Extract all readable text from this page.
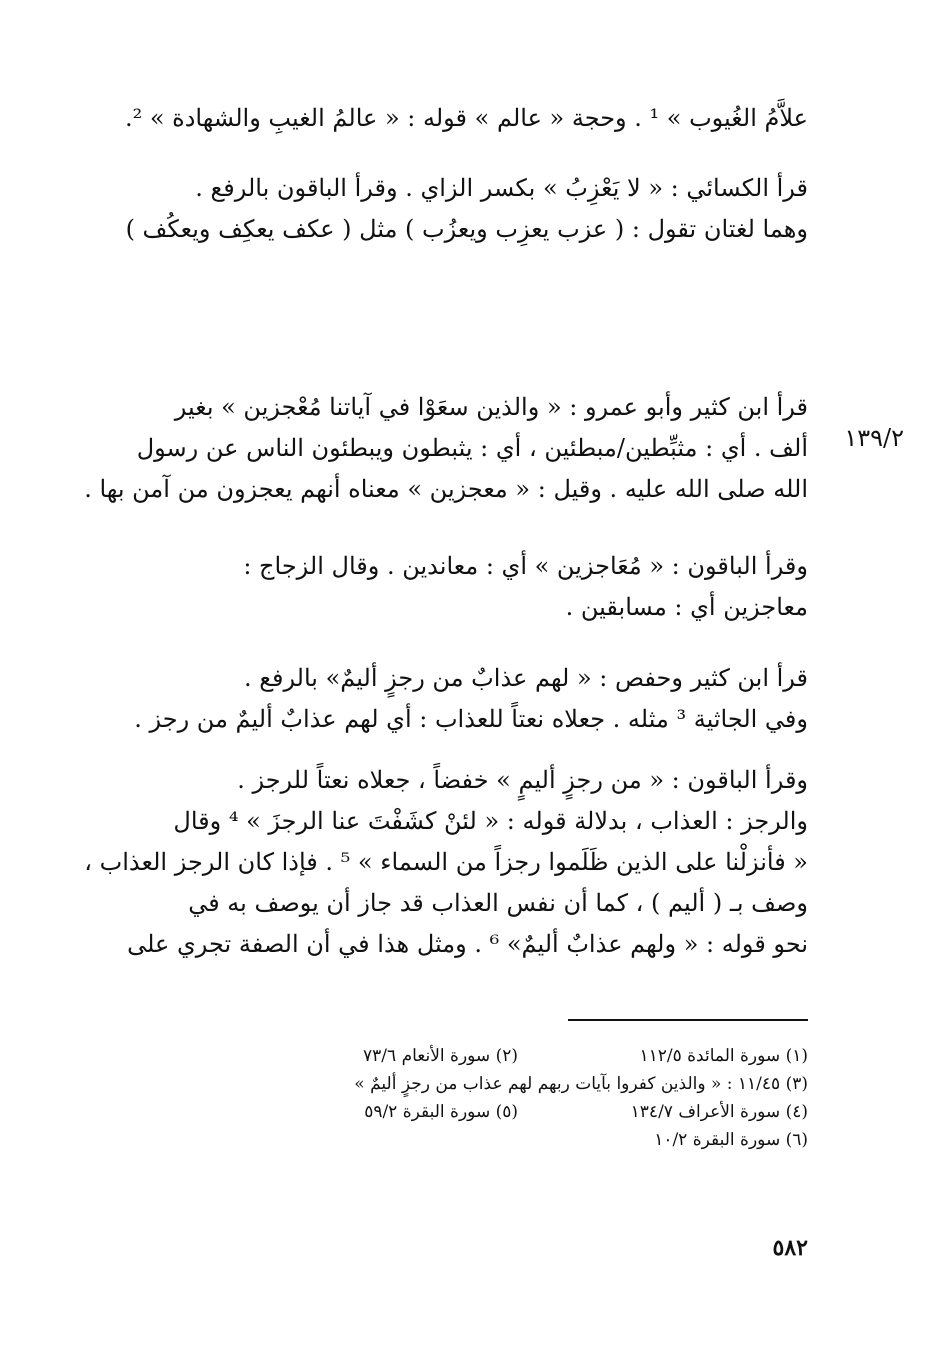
١٣٩/٢
علاَّمُ الغُيوب » ¹ . وحجة « عالم » قوله : « عالمُ الغيبِ والشهادة » ².
قرأ الكسائي : « لا يَعْزِبُ » بكسر الزاي . وقرأ الباقون بالرفع .
وهما لغتان تقول : ( عزب يعزِب ويعزُب ) مثل ( عكف يعكِف ويعكُف )
قرأ ابن كثير وأبو عمرو : « والذين سعَوْا في آياتنا مُعْجزين » بغير
ألف . أي : مثبِّطين/مبطئين ، أي : يثبطون ويبطئون الناس عن رسول
الله صلى الله عليه . وقيل : « معجزين » معناه أنهم يعجزون من آمن بها .
وقرأ الباقون : « مُعَاجزين » أي : معاندين . وقال الزجاج :
معاجزين أي : مسابقين .
قرأ ابن كثير وحفص : « لهم عذابٌ من رجزٍ أليمٌ» بالرفع .
وفي الجاثية ³ مثله . جعلاه نعتاً للعذاب : أي لهم عذابٌ أليمٌ من رجز .
وقرأ الباقون : « من رجزٍ أليمٍ » خفضاً ، جعلاه نعتاً للرجز .
والرجز : العذاب ، بدلالة قوله : « لئنْ كشَفْتَ عنا الرجزَ » ⁴ وقال
« فأنزلْنا على الذين ظَلَموا رجزاً من السماء » ⁵ . فإذا كان الرجز العذاب ،
وصف بـ ( أليم ) ، كما أن نفس العذاب قد جاز أن يوصف به في
نحو قوله : « ولهم عذابٌ أليمٌ» ⁶ . ومثل هذا في أن الصفة تجري على
(١) سورة المائدة ١١٢/٥(٢) سورة الأنعام ٧٣/٦
(٣) ١١/٤٥ : « والذين كفروا بآيات ربهم لهم عذاب من رجزٍ أليمٌ »
(٤) سورة الأعراف ١٣٤/٧(٥) سورة البقرة ٥٩/٢
(٦) سورة البقرة ١٠/٢
٥٨٢
